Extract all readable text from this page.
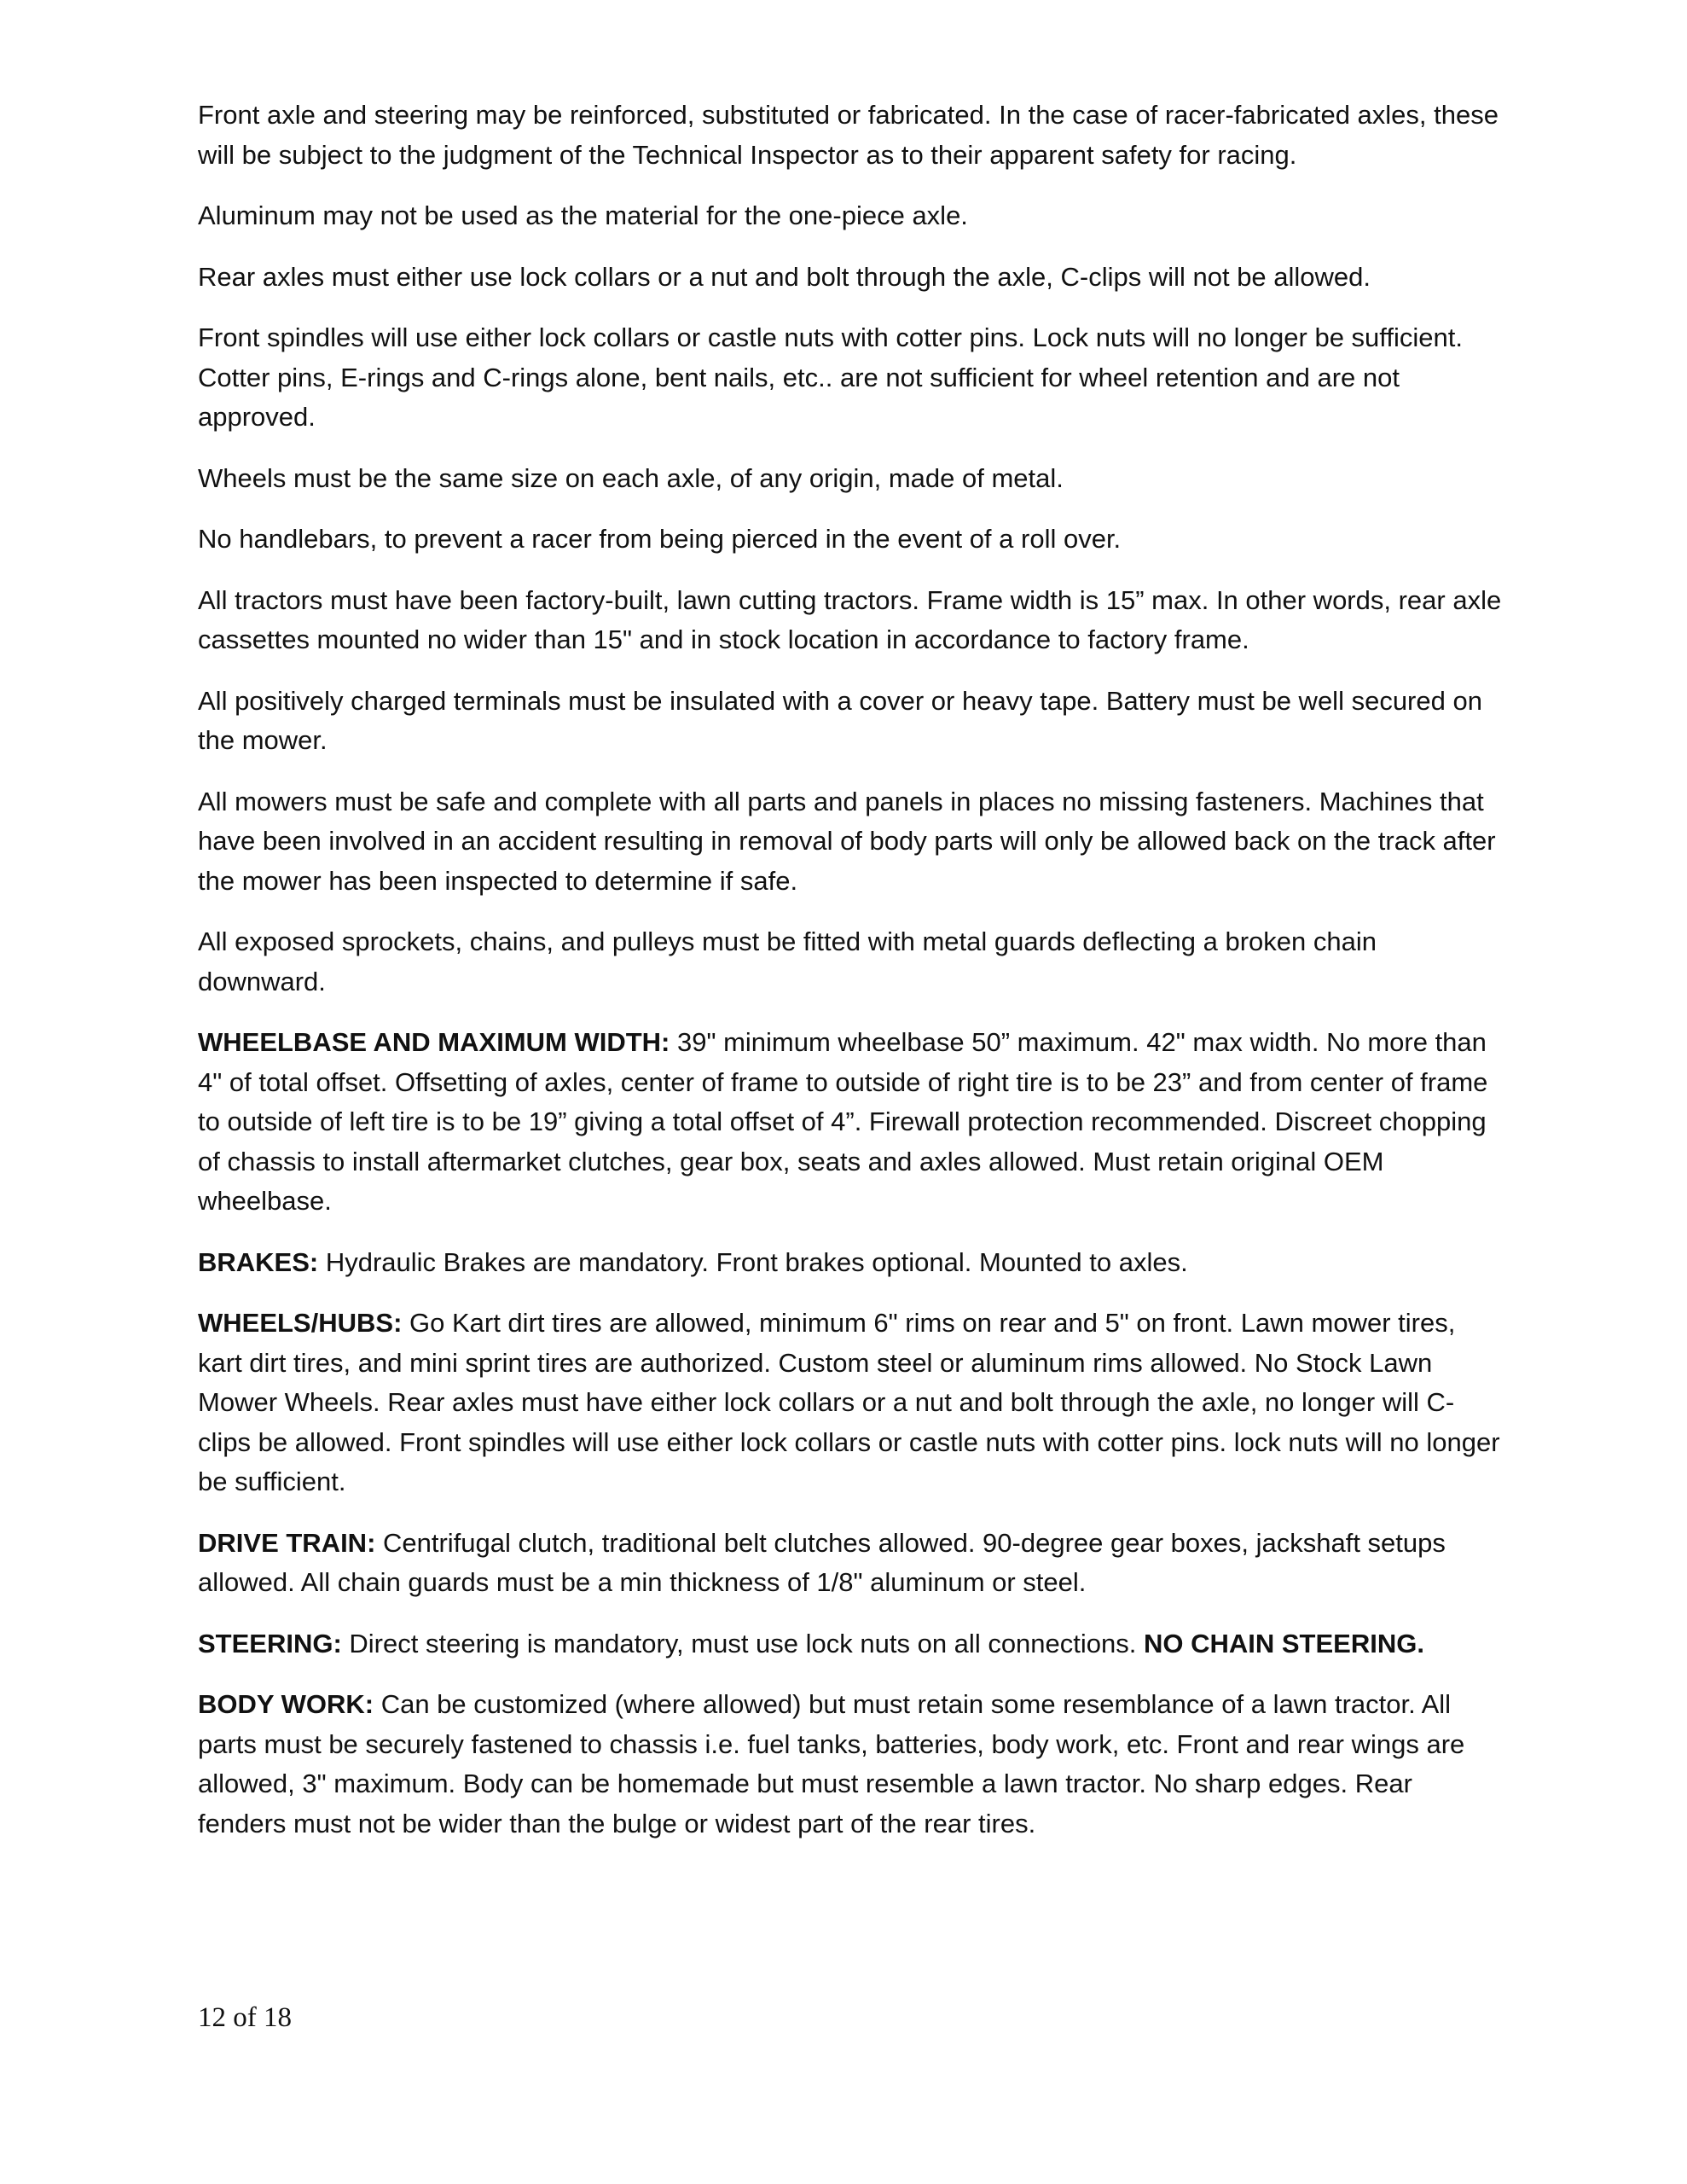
Front axle and steering may be reinforced, substituted or fabricated. In the case of racer-fabricated axles, these will be subject to the judgment of the Technical Inspector as to their apparent safety for racing.

Aluminum may not be used as the material for the one-piece axle.

Rear axles must either use lock collars or a nut and bolt through the axle, C-clips will not be allowed.

Front spindles will use either lock collars or castle nuts with cotter pins. Lock nuts will no longer be sufficient. Cotter pins, E-rings and C-rings alone, bent nails, etc.. are not sufficient for wheel retention and are not approved.

Wheels must be the same size on each axle, of any origin, made of metal.

No handlebars, to prevent a racer from being pierced in the event of a roll over.

All tractors must have been factory-built, lawn cutting tractors. Frame width is 15” max. In other words, rear axle cassettes mounted no wider than 15" and in stock location in accordance to factory frame.

All positively charged terminals must be insulated with a cover or heavy tape. Battery must be well secured on the mower.

All mowers must be safe and complete with all parts and panels in places no missing fasteners. Machines that have been involved in an accident resulting in removal of body parts will only be allowed back on the track after the mower has been inspected to determine if safe.

All exposed sprockets, chains, and pulleys must be fitted with metal guards deflecting a broken chain downward.

WHEELBASE AND MAXIMUM WIDTH: 39" minimum wheelbase 50” maximum. 42" max width. No more than 4" of total offset. Offsetting of axles, center of frame to outside of right tire is to be 23” and from center of frame to outside of left tire is to be 19” giving a total offset of 4”. Firewall protection recommended. Discreet chopping of chassis to install aftermarket clutches, gear box, seats and axles allowed. Must retain original OEM wheelbase.

BRAKES: Hydraulic Brakes are mandatory. Front brakes optional. Mounted to axles.

WHEELS/HUBS: Go Kart dirt tires are allowed, minimum 6" rims on rear and 5" on front. Lawn mower tires, kart dirt tires, and mini sprint tires are authorized. Custom steel or aluminum rims allowed. No Stock Lawn Mower Wheels. Rear axles must have either lock collars or a nut and bolt through the axle, no longer will C-clips be allowed. Front spindles will use either lock collars or castle nuts with cotter pins. lock nuts will no longer be sufficient.

DRIVE TRAIN: Centrifugal clutch, traditional belt clutches allowed. 90-degree gear boxes, jackshaft setups allowed. All chain guards must be a min thickness of 1/8" aluminum or steel.

STEERING: Direct steering is mandatory, must use lock nuts on all connections. NO CHAIN STEERING.

BODY WORK: Can be customized (where allowed) but must retain some resemblance of a lawn tractor. All parts must be securely fastened to chassis i.e. fuel tanks, batteries, body work, etc. Front and rear wings are allowed, 3" maximum. Body can be homemade but must resemble a lawn tractor. No sharp edges. Rear fenders must not be wider than the bulge or widest part of the rear tires.

12 of 18
